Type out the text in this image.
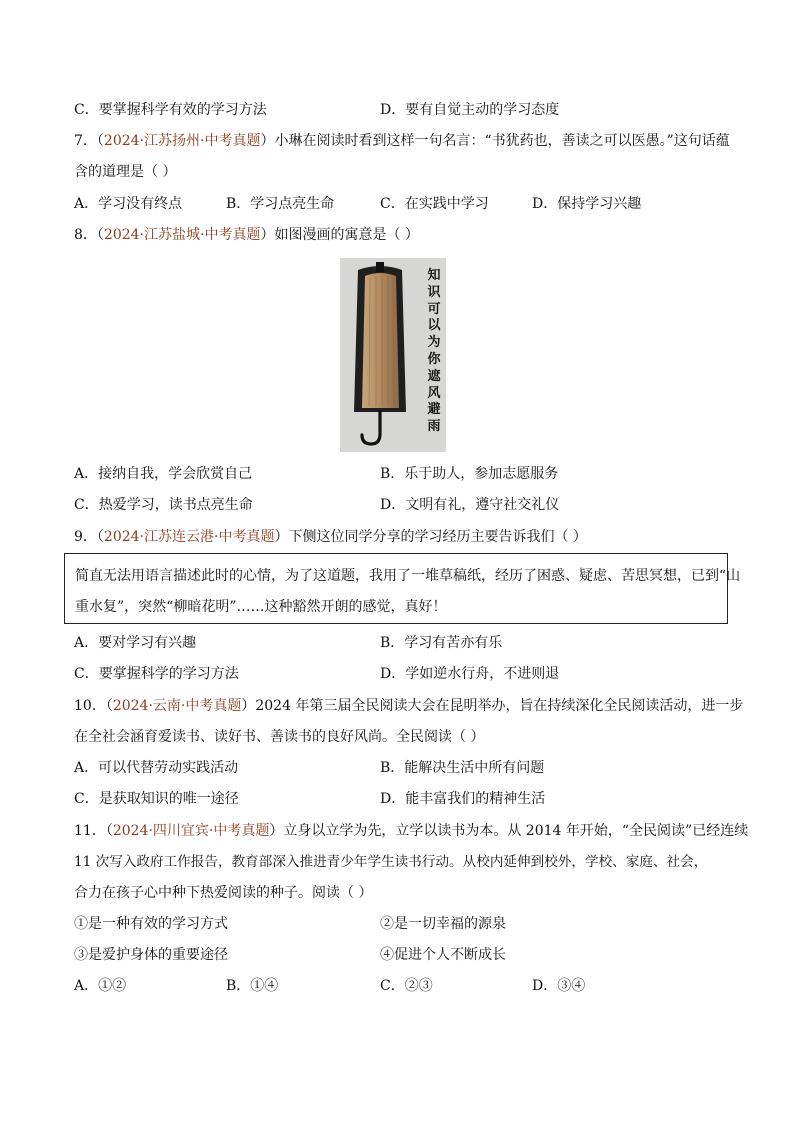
C．要掌握科学有效的学习方法	D．要有自觉主动的学习态度
7．（2024·江苏扬州·中考真题）小琳在阅读时看到这样一句名言：“书犹药也，善读之可以医愚。”这句话蕴
含的道理是（ ）
A．学习没有终点	B．学习点亮生命	C．在实践中学习	D．保持学习兴趣
8．（2024·江苏盐城·中考真题）如图漫画的寓意是（ ）
知
识
可
以
为
你
遮
风
避
雨
A．接纳自我，学会欣赏自己	B．乐于助人，参加志愿服务
C．热爱学习，读书点亮生命	D．文明有礼，遵守社交礼仪
9．（2024·江苏连云港·中考真题）下侧这位同学分享的学习经历主要告诉我们（ ）
简直无法用语言描述此时的心情，为了这道题，我用了一堆草稿纸，经历了困惑、疑虑、苦思冥想，已到“山
重水复”，突然“柳暗花明”……这种豁然开朗的感觉，真好！
A．要对学习有兴趣	B．学习有苦亦有乐
C．要掌握科学的学习方法	D．学如逆水行舟，不进则退
10．（2024·云南·中考真题）2024 年第三届全民阅读大会在昆明举办，旨在持续深化全民阅读活动，进一步
在全社会涵育爱读书、读好书、善读书的良好风尚。全民阅读（ ）
A．可以代替劳动实践活动	B．能解决生活中所有问题
C．是获取知识的唯一途径	D．能丰富我们的精神生活
11．（2024·四川宜宾·中考真题）立身以立学为先，立学以读书为本。从 2014 年开始，“全民阅读”已经连续
11 次写入政府工作报告，教育部深入推进青少年学生读书行动。从校内延伸到校外，学校、家庭、社会，
合力在孩子心中种下热爱阅读的种子。阅读（ ）
①是一种有效的学习方式	②是一切幸福的源泉
③是爱护身体的重要途径	④促进个人不断成长
A．①②	B．①④	C．②③	D．③④
